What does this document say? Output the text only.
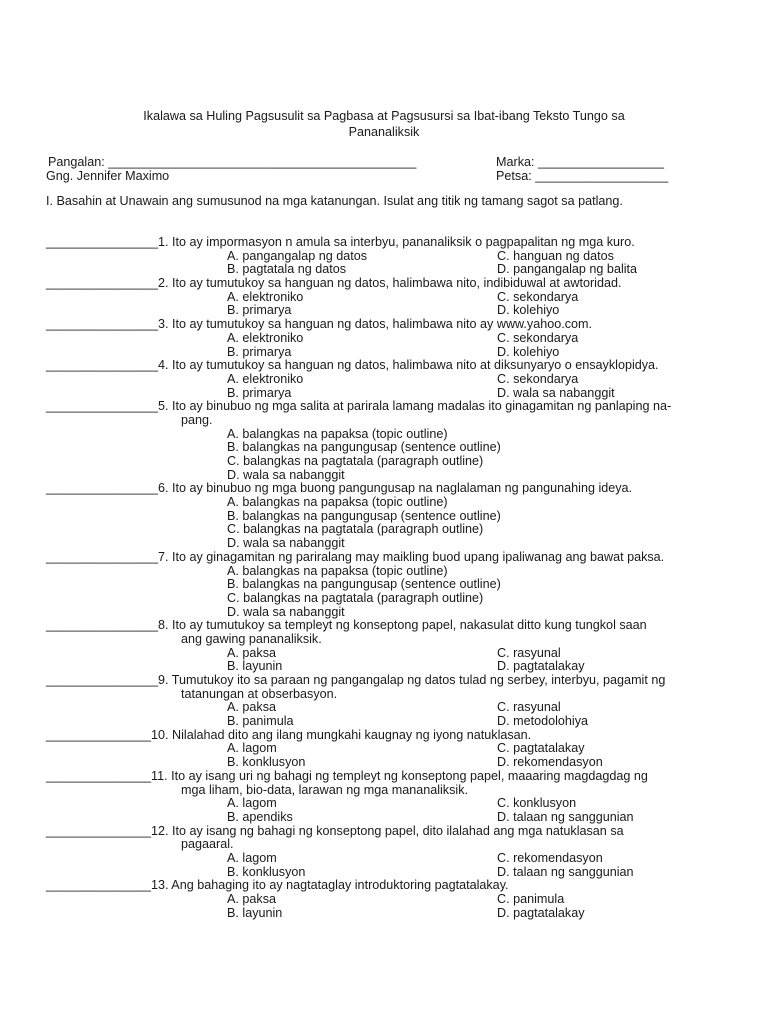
Ikalawa sa Huling Pagsusulit sa Pagbasa at Pagsusursi sa Ibat-ibang Teksto Tungo sa
Pananaliksik
Pangalan: ____________________________________________	Marka: __________________
Gng. Jennifer Maximo	Petsa: ___________________
I. Basahin at Unawain ang sumusunod na mga katanungan. Isulat ang titik ng tamang sagot sa patlang.
________________ 1. Ito ay impormasyon n amula sa interbyu, pananaliksik o pagpapalitan ng mga kuro.
A. pangangalap ng datos	C. hanguan ng datos
B. pagtatala ng datos	D. pangangalap ng balita
________________ 2. Ito ay tumutukoy sa hanguan ng datos, halimbawa nito, indibiduwal at awtoridad.
A. elektroniko	C. sekondarya
B. primarya	D. kolehiyo
________________ 3. Ito ay tumutukoy sa hanguan ng datos, halimbawa nito ay www.yahoo.com.
A. elektroniko	C. sekondarya
B. primarya	D. kolehiyo
________________ 4. Ito ay tumutukoy sa hanguan ng datos, halimbawa nito at diksunyaryo o ensayklopidya.
A. elektroniko	C. sekondarya
B. primarya	D. wala sa nabanggit
________________ 5. Ito ay binubuo ng mga salita at parirala lamang madalas ito ginagamitan ng panlaping na-
pang.
A. balangkas na papaksa (topic outline)
B. balangkas na pangungusap (sentence outline)
C. balangkas na pagtatala (paragraph outline)
D. wala sa nabanggit
________________ 6. Ito ay binubuo ng mga buong pangungusap na naglalaman ng pangunahing ideya.
A. balangkas na papaksa (topic outline)
B. balangkas na pangungusap (sentence outline)
C. balangkas na pagtatala (paragraph outline)
D. wala sa nabanggit
________________ 7. Ito ay ginagamitan ng pariralang may maikling buod upang ipaliwanag ang bawat paksa.
A. balangkas na papaksa (topic outline)
B. balangkas na pangungusap (sentence outline)
C. balangkas na pagtatala (paragraph outline)
D. wala sa nabanggit
________________ 8. Ito ay tumutukoy sa templeyt ng konseptong papel, nakasulat ditto kung tungkol saan
ang gawing pananaliksik.
A. paksa	C. rasyunal
B. layunin	D. pagtatalakay
________________ 9. Tumutukoy ito sa paraan ng pangangalap ng datos tulad ng serbey, interbyu, pagamit ng
tatanungan at obserbasyon.
A. paksa	C. rasyunal
B. panimula	D. metodolohiya
_______________ 10. Nilalahad dito ang ilang mungkahi kaugnay ng iyong natuklasan.
A. lagom	C. pagtatalakay
B. konklusyon	D. rekomendasyon
_______________ 11. Ito ay isang uri ng bahagi ng templeyt ng konseptong papel, maaaring magdagdag ng
mga liham, bio-data, larawan ng mga mananaliksik.
A. lagom	C. konklusyon
B. apendiks	D. talaan ng sanggunian
_______________ 12. Ito ay isang ng bahagi ng konseptong papel, dito ilalahad ang mga natuklasan sa
pagaaral.
A. lagom	C. rekomendasyon
B. konklusyon	D. talaan ng sanggunian
_______________ 13. Ang bahaging ito ay nagtataglay introduktoring pagtatalakay.
A. paksa	C. panimula
B. layunin	D. pagtatalakay
